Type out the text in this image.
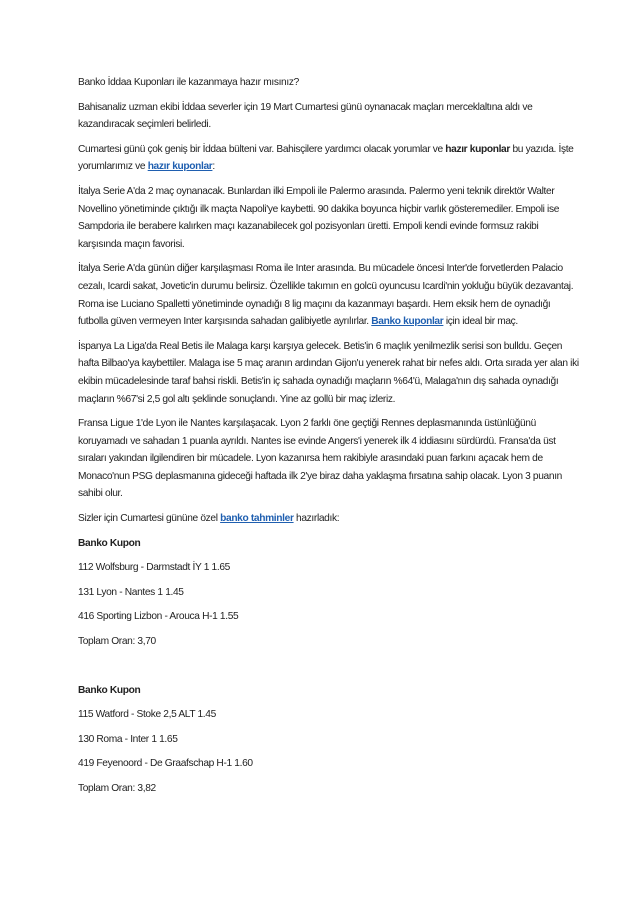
Banko İddaa Kuponları ile kazanmaya hazır mısınız?

Bahisanaliz uzman ekibi İddaa severler için 19 Mart Cumartesi günü oynanacak maçları merceklaltına aldı ve kazandıracak seçimleri belirledi.

Cumartesi günü çok geniş bir İddaa bülteni var. Bahisçilere yardımcı olacak yorumlar ve hazır kuponlar bu yazıda. İşte yorumlarımız ve hazır kuponlar:

İtalya Serie A'da 2 maç oynanacak. Bunlardan ilki Empoli ile Palermo arasında. Palermo yeni teknik direktör Walter Novellino yönetiminde çıktığı ilk maçta Napoli'ye kaybetti. 90 dakika boyunca hiçbir varlık gösteremediler. Empoli ise Sampdoria ile berabere kalırken maçı kazanabilecek gol pozisyonları üretti. Empoli kendi evinde formsuz rakibi karşısında maçın favorisi.

İtalya Serie A'da günün diğer karşılaşması Roma ile Inter arasında. Bu mücadele öncesi Inter'de forvetlerden Palacio cezalı, Icardi sakat, Jovetic'in durumu belirsiz. Özellikle takımın en golcü oyuncusu Icardi'nin yokluğu büyük dezavantaj. Roma ise Luciano Spalletti yönetiminde oynadığı 8 lig maçını da kazanmayı başardı. Hem eksik hem de oynadığı futbolla güven vermeyen Inter karşısında sahadan galibiyetle ayrılırlar. Banko kuponlar için ideal bir maç.

İspanya La Liga'da Real Betis ile Malaga karşı karşıya gelecek. Betis'in 6 maçlık yenilmezlik serisi son bulldu. Geçen hafta Bilbao'ya kaybettiler. Malaga ise 5 maç aranın ardından Gijon'u yenerek rahat bir nefes aldı. Orta sırada yer alan iki ekibin mücadelesinde taraf bahsi riskli. Betis'in iç sahada oynadığı maçların %64'ü, Malaga'nın dış sahada oynadığı maçların %67'si 2,5 gol altı şeklinde sonuçlandı. Yine az gollü bir maç izleriz.

Fransa Ligue 1'de Lyon ile Nantes karşılaşacak. Lyon 2 farklı öne geçtiği Rennes deplasmanında üstünlüğünü koruyamadı ve sahadan 1 puanla ayrıldı. Nantes ise evinde Angers'i yenerek ilk 4 iddiasını sürdürdü. Fransa'da üst sıraları yakından ilgilendiren bir mücadele. Lyon kazanırsa hem rakibiyle arasındaki puan farkını açacak hem de Monaco'nun PSG deplasmanına gideceği haftada ilk 2'ye biraz daha yaklaşma fırsatına sahip olacak. Lyon 3 puanın sahibi olur.

Sizler için Cumartesi gününe özel banko tahminler hazırladık:

Banko Kupon

112 Wolfsburg - Darmstadt İY 1 1.65

131 Lyon - Nantes 1 1.45

416 Sporting Lizbon - Arouca H-1 1.55

Toplam Oran: 3,70

Banko Kupon

115 Watford - Stoke 2,5 ALT 1.45

130 Roma - Inter 1 1.65

419 Feyenoord - De Graafschap H-1 1.60

Toplam Oran: 3,82
